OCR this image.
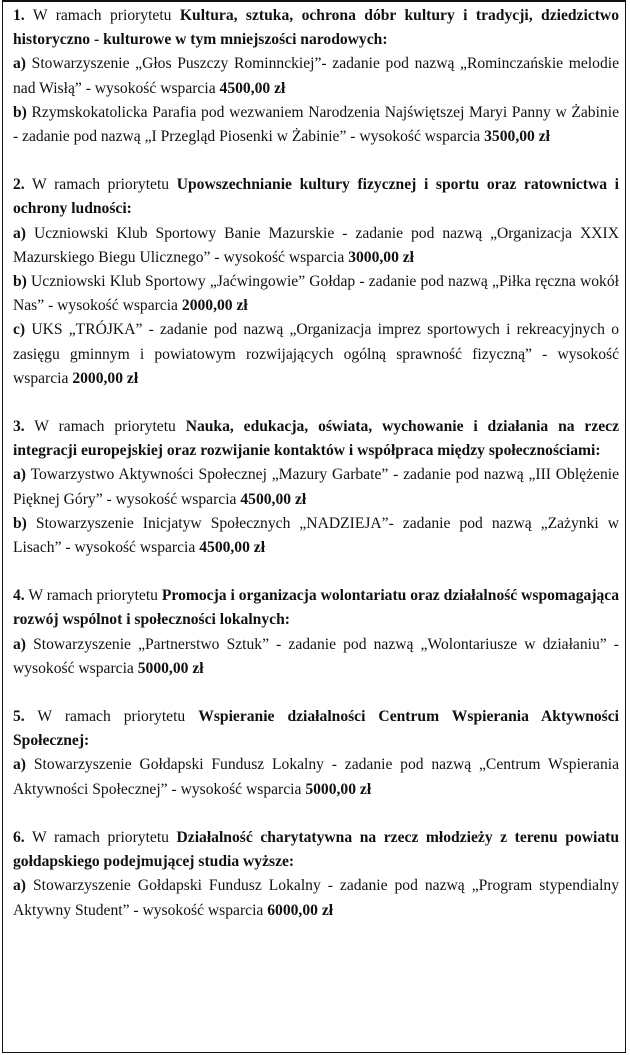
1. W ramach priorytetu Kultura, sztuka, ochrona dóbr kultury i tradycji, dziedzictwo historyczno - kulturowe w tym mniejszości narodowych:

a) Stowarzyszenie „Głos Puszczy Rominnckiej”- zadanie pod nazwą „Rominczańskie melodie nad Wisłą” - wysokość wsparcia 4500,00 zł

b) Rzymskokatolicka Parafia pod wezwaniem Narodzenia Najświętszej Maryi Panny w Żabinie - zadanie pod nazwą „I Przegląd Piosenki w Żabinie” - wysokość wsparcia 3500,00 zł

2. W ramach priorytetu Upowszechnianie kultury fizycznej i sportu oraz ratownictwa i ochrony ludności:

a) Uczniowski Klub Sportowy Banie Mazurskie - zadanie pod nazwą „Organizacja XXIX Mazurskiego Biegu Ulicznego” - wysokość wsparcia 3000,00 zł

b) Uczniowski Klub Sportowy „Jaćwingowie” Gołdap - zadanie pod nazwą „Piłka ręczna wokół Nas” - wysokość wsparcia 2000,00 zł

c) UKS „TRÓJKA” - zadanie pod nazwą „Organizacja imprez sportowych i rekreacyjnych o zasięgu gminnym i powiatowym rozwijających ogólną sprawność fizyczną” - wysokość wsparcia 2000,00 zł

3. W ramach priorytetu Nauka, edukacja, oświata, wychowanie i działania na rzecz integracji europejskiej oraz rozwijanie kontaktów i współpraca między społecznościami:

a) Towarzystwo Aktywności Społecznej „Mazury Garbate” - zadanie pod nazwą „III Oblężenie Pięknej Góry” - wysokość wsparcia 4500,00 zł

b) Stowarzyszenie Inicjatyw Społecznych „NADZIEJA”- zadanie pod nazwą „Zażynki w Lisach” - wysokość wsparcia 4500,00 zł

4. W ramach priorytetu Promocja i organizacja wolontariatu oraz działalność wspomagająca rozwój wspólnot i społeczności lokalnych:

a) Stowarzyszenie „Partnerstwo Sztuk” - zadanie pod nazwą „Wolontariusze w działaniu” - wysokość wsparcia 5000,00 zł

5. W ramach priorytetu Wspieranie działalności Centrum Wspierania Aktywności Społecznej:

a) Stowarzyszenie Gołdapski Fundusz Lokalny - zadanie pod nazwą „Centrum Wspierania Aktywności Społecznej” - wysokość wsparcia 5000,00 zł

6. W ramach priorytetu Działalność charytatywna na rzecz młodzieży z terenu powiatu gołdapskiego podejmującej studia wyższe:

a) Stowarzyszenie Gołdapski Fundusz Lokalny - zadanie pod nazwą „Program stypendialny Aktywny Student” - wysokość wsparcia 6000,00 zł
